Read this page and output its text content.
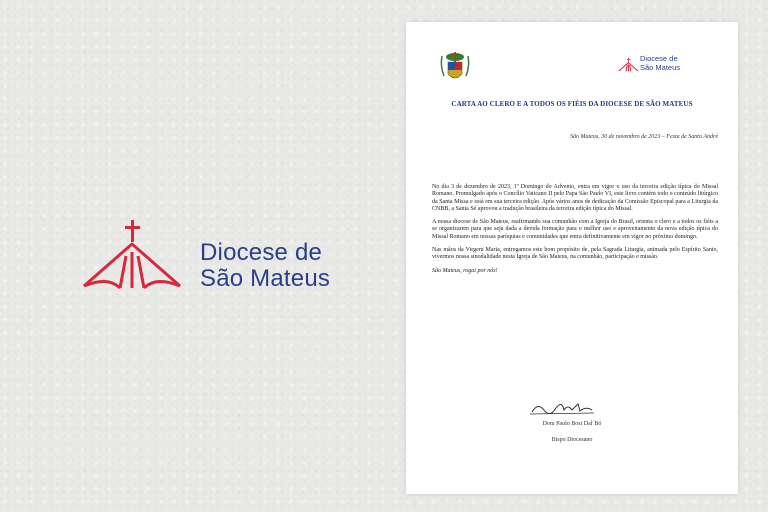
Diocese de
São Mateus
Diocese de
São Mateus
CARTA AO CLERO E A TODOS OS FIÉIS DA DIOCESE DE SÃO MATEUS
São Mateus, 30 de novembro de 2023 – Festa de Santo André

No dia 3 de dezembro de 2023, 1º Domingo do Advento, entra em vigor o uso da terceira edição típica do Missal Romano. Promulgado após o Concílio Vaticano II pelo Papa São Paulo VI, este livro contém todo o conteúdo litúrgico da Santa Missa e está em sua terceira edição. Após vários anos de dedicação da Comissão Episcopal para a Liturgia da CNBB, a Santa Sé aprovou a tradução brasileira da terceira edição típica do Missal.

A nossa diocese de São Mateus, reafirmando sua comunhão com a Igreja do Brasil, orienta o clero e a todos os fiéis a se organizarem para que seja dada a devida formação para o melhor uso e aproveitamento da nova edição típica do Missal Romano em nossas paróquias e comunidades que entra definitivamente em vigor no próximo domingo.

Nas mãos da Virgem Maria, entregamos este bom propósito de, pela Sagrada Liturgia, animada pelo Espírito Santo, vivermos nossa sinodalidade nesta Igreja de São Mateus, na comunhão, participação e missão.

São Mateus, rogai por nós!

Dom Paulo Bosi Dal´Bó
Bispo Diocesano
